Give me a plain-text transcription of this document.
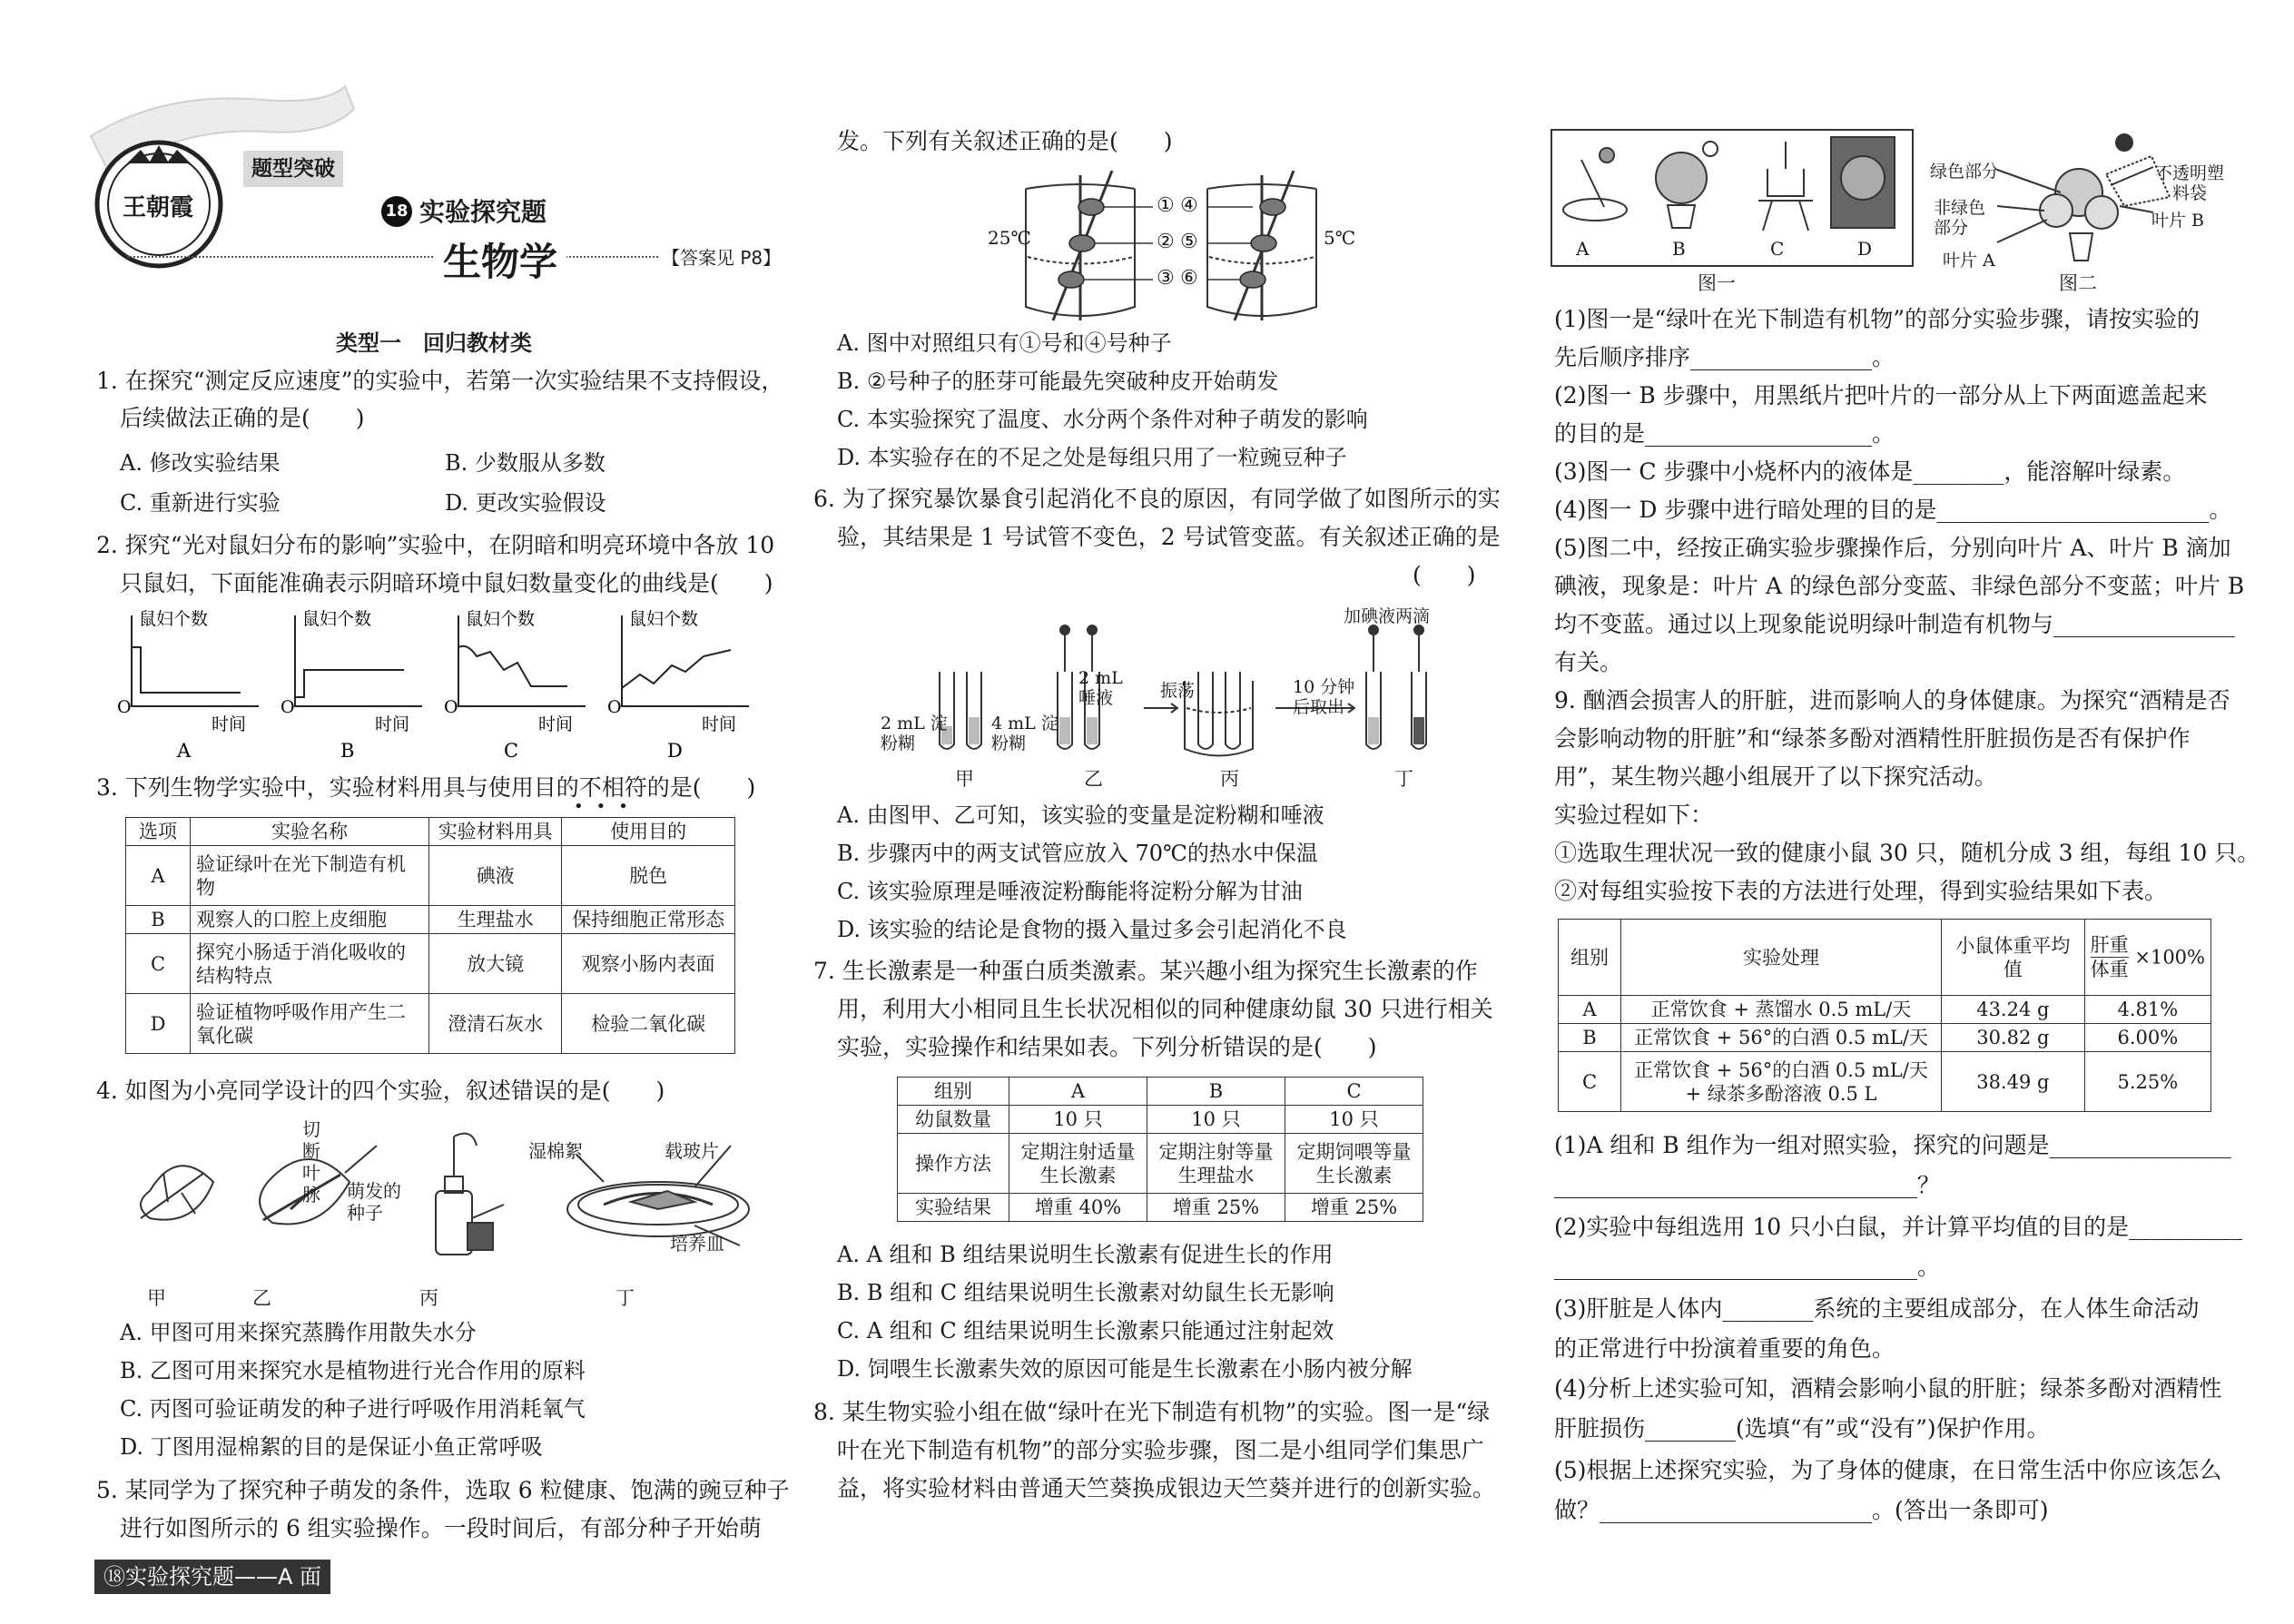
王朝霞
题型突破
18 实验探究题
生物学	【答案见 P8】
类型一　回归教材类
1. 在探究“测定反应速度”的实验中，若第一次实验结果不支持假设，
后续做法正确的是(　　)
A. 修改实验结果	B. 少数服从多数
C. 重新进行实验	D. 更改实验假设
2. 探究“光对鼠妇分布的影响”实验中，在阴暗和明亮环境中各放 10
只鼠妇，下面能准确表示阴暗环境中鼠妇数量变化的曲线是(　　)
鼠妇个数
O
时间
A
鼠妇个数
O
时间
B
鼠妇个数
O
时间
C
鼠妇个数
O
时间
D
3. 下列生物学实验中，实验材料用具与使用目的不相符的是(　　)
•••
选项	实验名称	实验材料用具	使用目的
A	验证绿叶在光下制造有机物	碘液	脱色
B	观察人的口腔上皮细胞	生理盐水	保持细胞正常形态
C	探究小肠适于消化吸收的结构特点	放大镜	观察小肠内表面
D	验证植物呼吸作用产生二氧化碳	澄清石灰水	检验二氧化碳
4. 如图为小亮同学设计的四个实验，叙述错误的是(　　)
切断叶脉 萌发的种子
湿棉絮	载玻片
培养皿
甲	乙	丙	丁
A. 甲图可用来探究蒸腾作用散失水分
B. 乙图可用来探究水是植物进行光合作用的原料
C. 丙图可验证萌发的种子进行呼吸作用消耗氧气
D. 丁图用湿棉絮的目的是保证小鱼正常呼吸
5. 某同学为了探究种子萌发的条件，选取 6 粒健康、饱满的豌豆种子
进行如图所示的 6 组实验操作。一段时间后，有部分种子开始萌
⑱实验探究题——A 面
发。下列有关叙述正确的是(　　)
25℃	5℃
①
②
③
④
⑤
⑥
A. 图中对照组只有①号和④号种子
B. ②号种子的胚芽可能最先突破种皮开始萌发
C. 本实验探究了温度、水分两个条件对种子萌发的影响
D. 本实验存在的不足之处是每组只用了一粒豌豆种子
6. 为了探究暴饮暴食引起消化不良的原因，有同学做了如图所示的实
验，其结果是 1 号试管不变色，2 号试管变蓝。有关叙述正确的是
(　　)
2 mL 淀粉糊
4 mL 淀粉糊
2 mL 唾液	振荡	10 分钟后取出
加碘液两滴
甲	乙	丙	丁
A. 由图甲、乙可知，该实验的变量是淀粉糊和唾液
B. 步骤丙中的两支试管应放入 70℃的热水中保温
C. 该实验原理是唾液淀粉酶能将淀粉分解为甘油
D. 该实验的结论是食物的摄入量过多会引起消化不良
7. 生长激素是一种蛋白质类激素。某兴趣小组为探究生长激素的作
用，利用大小相同且生长状况相似的同种健康幼鼠 30 只进行相关
实验，实验操作和结果如表。下列分析错误的是(　　)
组别	A	B	C
幼鼠数量	10 只	10 只	10 只
操作方法	定期注射适量生长激素	定期注射等量生理盐水	定期饲喂等量生长激素
实验结果	增重 40%	增重 25%	增重 25%
A. A 组和 B 组结果说明生长激素有促进生长的作用
B. B 组和 C 组结果说明生长激素对幼鼠生长无影响
C. A 组和 C 组结果说明生长激素只能通过注射起效
D. 饲喂生长激素失效的原因可能是生长激素在小肠内被分解
8. 某生物实验小组在做“绿叶在光下制造有机物”的实验。图一是“绿
叶在光下制造有机物”的部分实验步骤，图二是小组同学们集思广
益，将实验材料由普通天竺葵换成银边天竺葵并进行的创新实验。
A	B	C	D
图一
绿色部分
非绿色部分
叶片 A
不透明塑料袋
叶片 B
图二
(1)图一是“绿叶在光下制造有机物”的部分实验步骤，请按实验的
先后顺序排序________________。
(2)图一 B 步骤中，用黑纸片把叶片的一部分从上下两面遮盖起来
的目的是____________________。
(3)图一 C 步骤中小烧杯内的液体是________，能溶解叶绿素。
(4)图一 D 步骤中进行暗处理的目的是________________________。
(5)图二中，经按正确实验步骤操作后，分别向叶片 A、叶片 B 滴加
碘液，现象是：叶片 A 的绿色部分变蓝、非绿色部分不变蓝；叶片 B
均不变蓝。通过以上现象能说明绿叶制造有机物与________________
有关。
9. 酗酒会损害人的肝脏，进而影响人的身体健康。为探究“酒精是否
会影响动物的肝脏”和“绿茶多酚对酒精性肝脏损伤是否有保护作
用”，某生物兴趣小组展开了以下探究活动。
实验过程如下：
①选取生理状况一致的健康小鼠 30 只，随机分成 3 组，每组 10 只。
②对每组实验按下表的方法进行处理，得到实验结果如下表。
组别	实验处理	小鼠体重平均值	肝重
体重
×100%
A	正常饮食 + 蒸馏水 0.5 mL/天	43.24 g	4.81%
B	正常饮食 + 56°的白酒 0.5 mL/天	30.82 g	6.00%
C	正常饮食 + 56°的白酒 0.5 mL/天 + 绿茶多酚溶液 0.5 L	38.49 g	5.25%
(1)A 组和 B 组作为一组对照实验，探究的问题是________________
________________________________？
(2)实验中每组选用 10 只小白鼠，并计算平均值的目的是__________
________________________________。
(3)肝脏是人体内________系统的主要组成部分，在人体生命活动
的正常进行中扮演着重要的角色。
(4)分析上述实验可知，酒精会影响小鼠的肝脏；绿茶多酚对酒精性
肝脏损伤________(选填“有”或“没有”)保护作用。
(5)根据上述探究实验，为了身体的健康，在日常生活中你应该怎么
做？________________________。(答出一条即可)
